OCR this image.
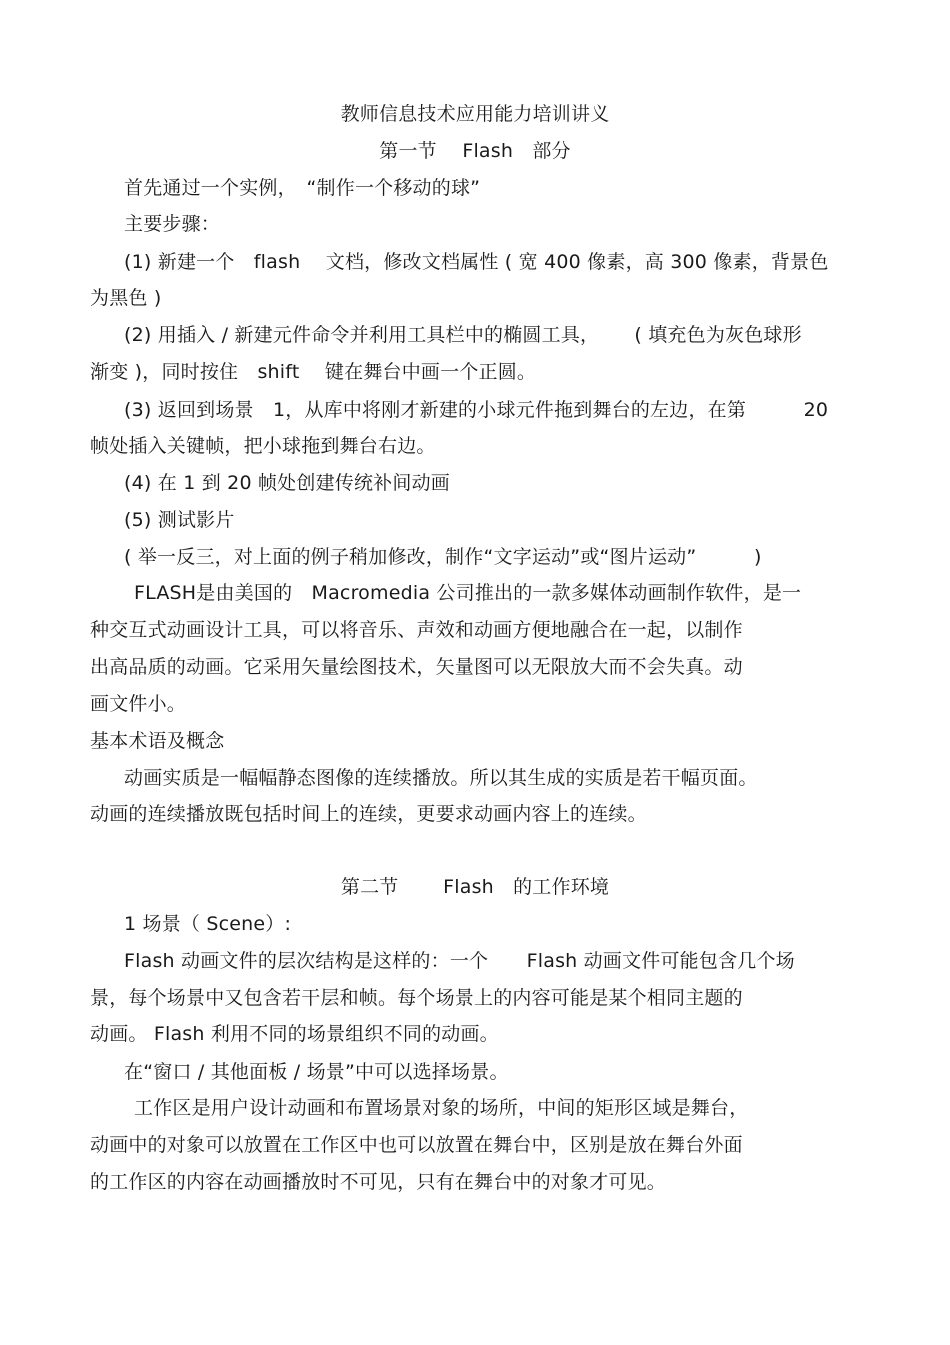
教师信息技术应用能力培训讲义
第一节　 Flash　部分
首先通过一个实例，　“制作一个移动的球”
主要步骤：
(1) 新建一个　flash　 文档，修改文档属性 ( 宽 400 像素，高 300 像素，背景色
为黑色 )
(2) 用插入 / 新建元件命令并利用工具栏中的椭圆工具，　　 ( 填充色为灰色球形
渐变 )，同时按住　shift　 键在舞台中画一个正圆。
(3) 返回到场景　1，从库中将刚才新建的小球元件拖到舞台的左边，在第　　　20
帧处插入关键帧，把小球拖到舞台右边。
(4) 在 1 到 20 帧处创建传统补间动画
(5) 测试影片
( 举一反三，对上面的例子稍加修改，制作“文字运动”或“图片运动”　　　)
FLASH是由美国的　Macromedia 公司推出的一款多媒体动画制作软件，是一
种交互式动画设计工具，可以将音乐、声效和动画方便地融合在一起，以制作
出高品质的动画。它采用矢量绘图技术，矢量图可以无限放大而不会失真。动
画文件小。
基本术语及概念
动画实质是一幅幅静态图像的连续播放。所以其生成的实质是若干幅页面。
动画的连续播放既包括时间上的连续，更要求动画内容上的连续。
第二节　　 Flash　的工作环境
1 场景（ Scene）:
Flash 动画文件的层次结构是这样的：一个　　Flash 动画文件可能包含几个场
景，每个场景中又包含若干层和帧。每个场景上的内容可能是某个相同主题的
动画。 Flash 利用不同的场景组织不同的动画。
在“窗口 / 其他面板 / 场景”中可以选择场景。
工作区是用户设计动画和布置场景对象的场所，中间的矩形区域是舞台，
动画中的对象可以放置在工作区中也可以放置在舞台中，区别是放在舞台外面
的工作区的内容在动画播放时不可见，只有在舞台中的对象才可见。
